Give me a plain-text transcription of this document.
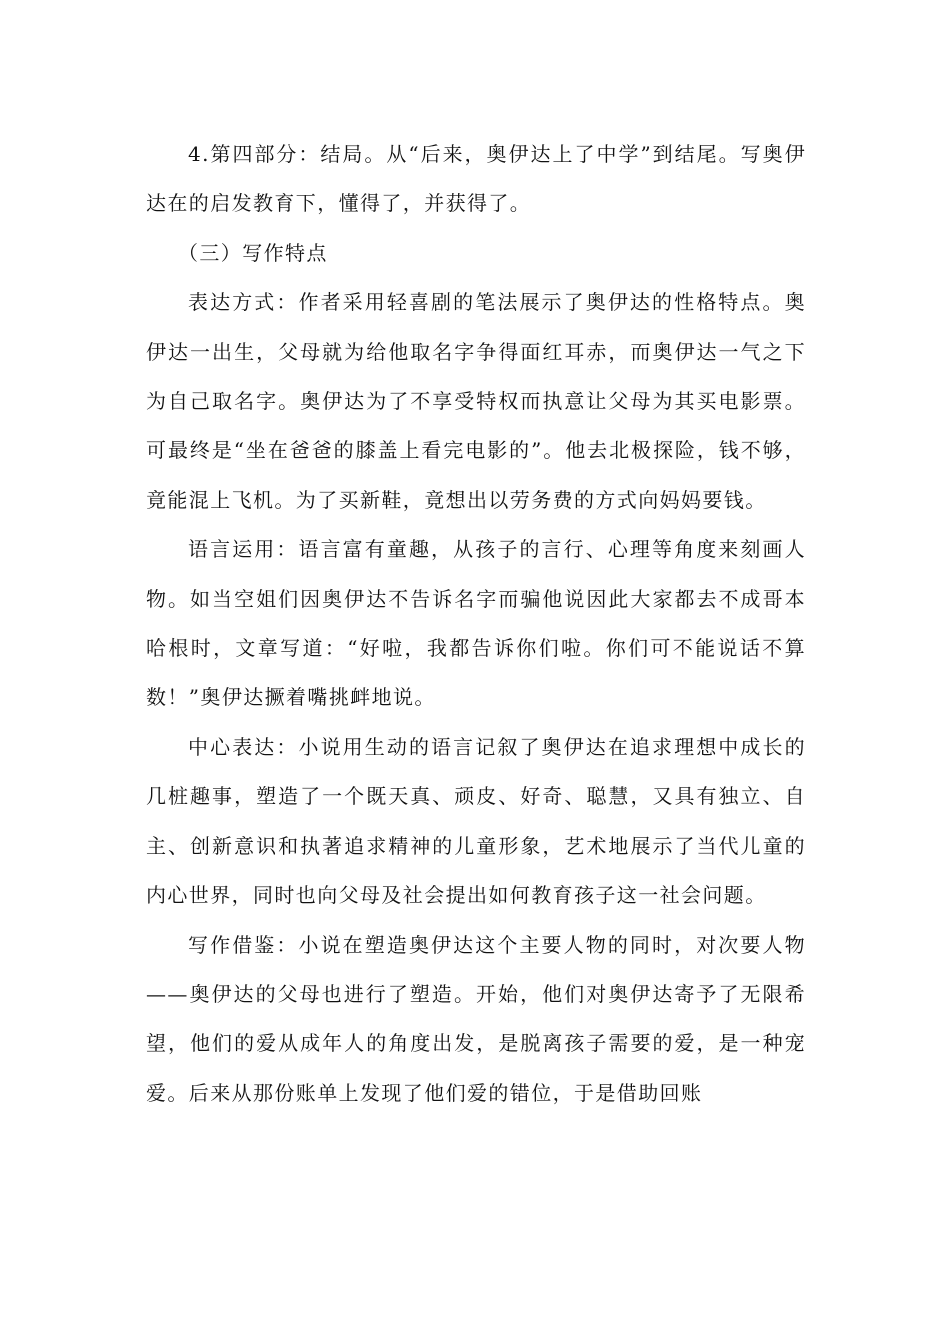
4.第四部分：结局。从“后来，奥伊达上了中学”到结尾。写奥伊达在的启发教育下，懂得了，并获得了。

（三）写作特点

表达方式：作者采用轻喜剧的笔法展示了奥伊达的性格特点。奥伊达一出生，父母就为给他取名字争得面红耳赤，而奥伊达一气之下为自己取名字。奥伊达为了不享受特权而执意让父母为其买电影票。可最终是“坐在爸爸的膝盖上看完电影的”。他去北极探险，钱不够，竟能混上飞机。为了买新鞋，竟想出以劳务费的方式向妈妈要钱。

语言运用：语言富有童趣，从孩子的言行、心理等角度来刻画人物。如当空姐们因奥伊达不告诉名字而骗他说因此大家都去不成哥本哈根时，文章写道：“好啦，我都告诉你们啦。你们可不能说话不算数！”奥伊达撅着嘴挑衅地说。

中心表达：小说用生动的语言记叙了奥伊达在追求理想中成长的几桩趣事，塑造了一个既天真、顽皮、好奇、聪慧，又具有独立、自主、创新意识和执著追求精神的儿童形象，艺术地展示了当代儿童的内心世界，同时也向父母及社会提出如何教育孩子这一社会问题。

写作借鉴：小说在塑造奥伊达这个主要人物的同时，对次要人物——奥伊达的父母也进行了塑造。开始，他们对奥伊达寄予了无限希望，他们的爱从成年人的角度出发，是脱离孩子需要的爱，是一种宠爱。后来从那份账单上发现了他们爱的错位，于是借助回账
